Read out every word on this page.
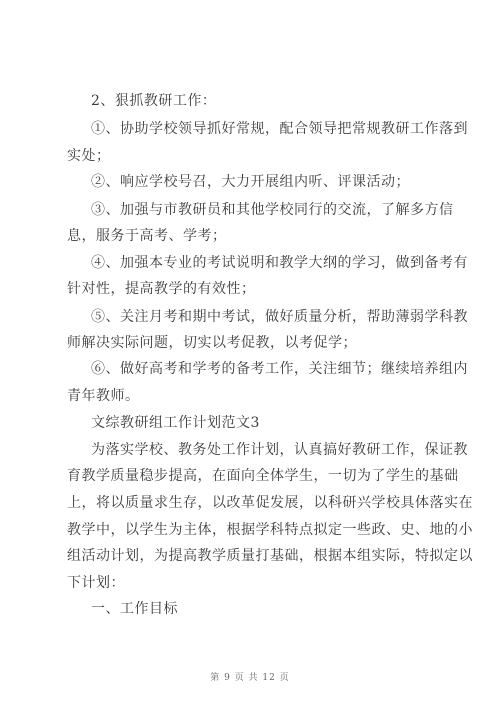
2、狠抓教研工作：
①、协助学校领导抓好常规，配合领导把常规教研工作落到
实处；
②、响应学校号召，大力开展组内听、评课活动；
③、加强与市教研员和其他学校同行的交流，了解多方信
息，服务于高考、学考；
④、加强本专业的考试说明和教学大纲的学习，做到备考有
针对性，提高教学的有效性；
⑤、关注月考和期中考试，做好质量分析，帮助薄弱学科教
师解决实际问题，切实以考促教，以考促学；
⑥、做好高考和学考的备考工作，关注细节；继续培养组内
青年教师。
文综教研组工作计划范文3
为落实学校、教务处工作计划，认真搞好教研工作，保证教
育教学质量稳步提高，在面向全体学生，一切为了学生的基础
上，将以质量求生存，以改革促发展，以科研兴学校具体落实在
教学中，以学生为主体，根据学科特点拟定一些政、史、地的小
组活动计划，为提高教学质量打基础，根据本组实际，特拟定以
下计划：
一、工作目标
第 9 页 共 12 页
